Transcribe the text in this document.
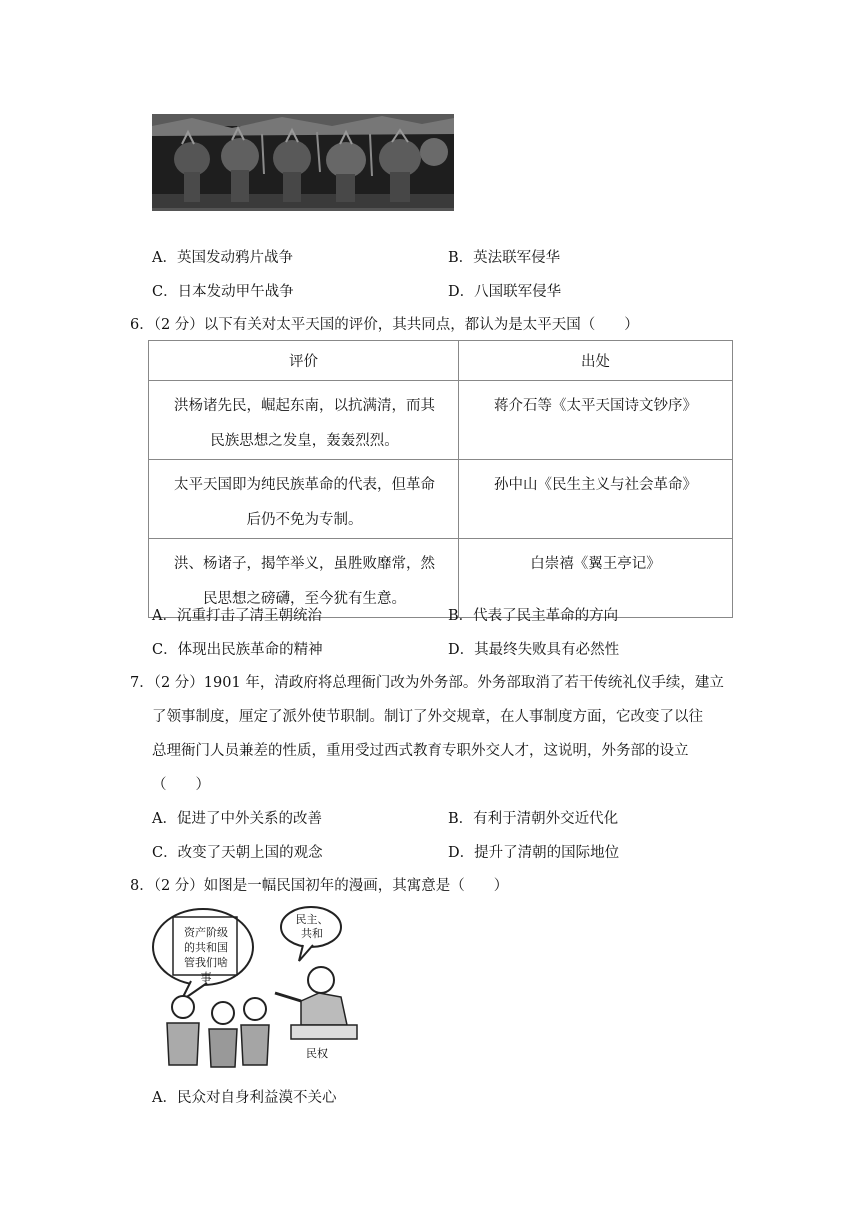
A．英国发动鸦片战争	B．英法联军侵华
C．日本发动甲午战争	D．八国联军侵华
6．（2 分）以下有关对太平天国的评价，其共同点，都认为是太平天国（　　）
评价	出处

洪杨诸先民，崛起东南，以抗满清，而其
民族思想之发皇，轰轰烈烈。	蒋介石等《太平天国诗文钞序》

太平天国即为纯民族革命的代表，但革命
后仍不免为专制。	孙中山《民生主义与社会革命》

洪、杨诸子，揭竿举义，虽胜败靡常，然
民思想之磅礴，至今犹有生意。	白崇禧《翼王亭记》
A．沉重打击了清王朝统治	B．代表了民主革命的方向
C．体现出民族革命的精神	D．其最终失败具有必然性
7．（2 分）1901 年，清政府将总理衙门改为外务部。外务部取消了若干传统礼仪手续，建立
了领事制度，厘定了派外使节职制。制订了外交规章，在人事制度方面，它改变了以往
总理衙门人员兼差的性质，重用受过西式教育专职外交人才，这说明，外务部的设立
（　　）
A．促进了中外关系的改善	B．有利于清朝外交近代化
C．改变了天朝上国的观念	D．提升了清朝的国际地位
8．（2 分）如图是一幅民国初年的漫画，其寓意是（　　）
资产阶级的共和国管我们啥事
民主、共和
民权
A．民众对自身利益漠不关心
